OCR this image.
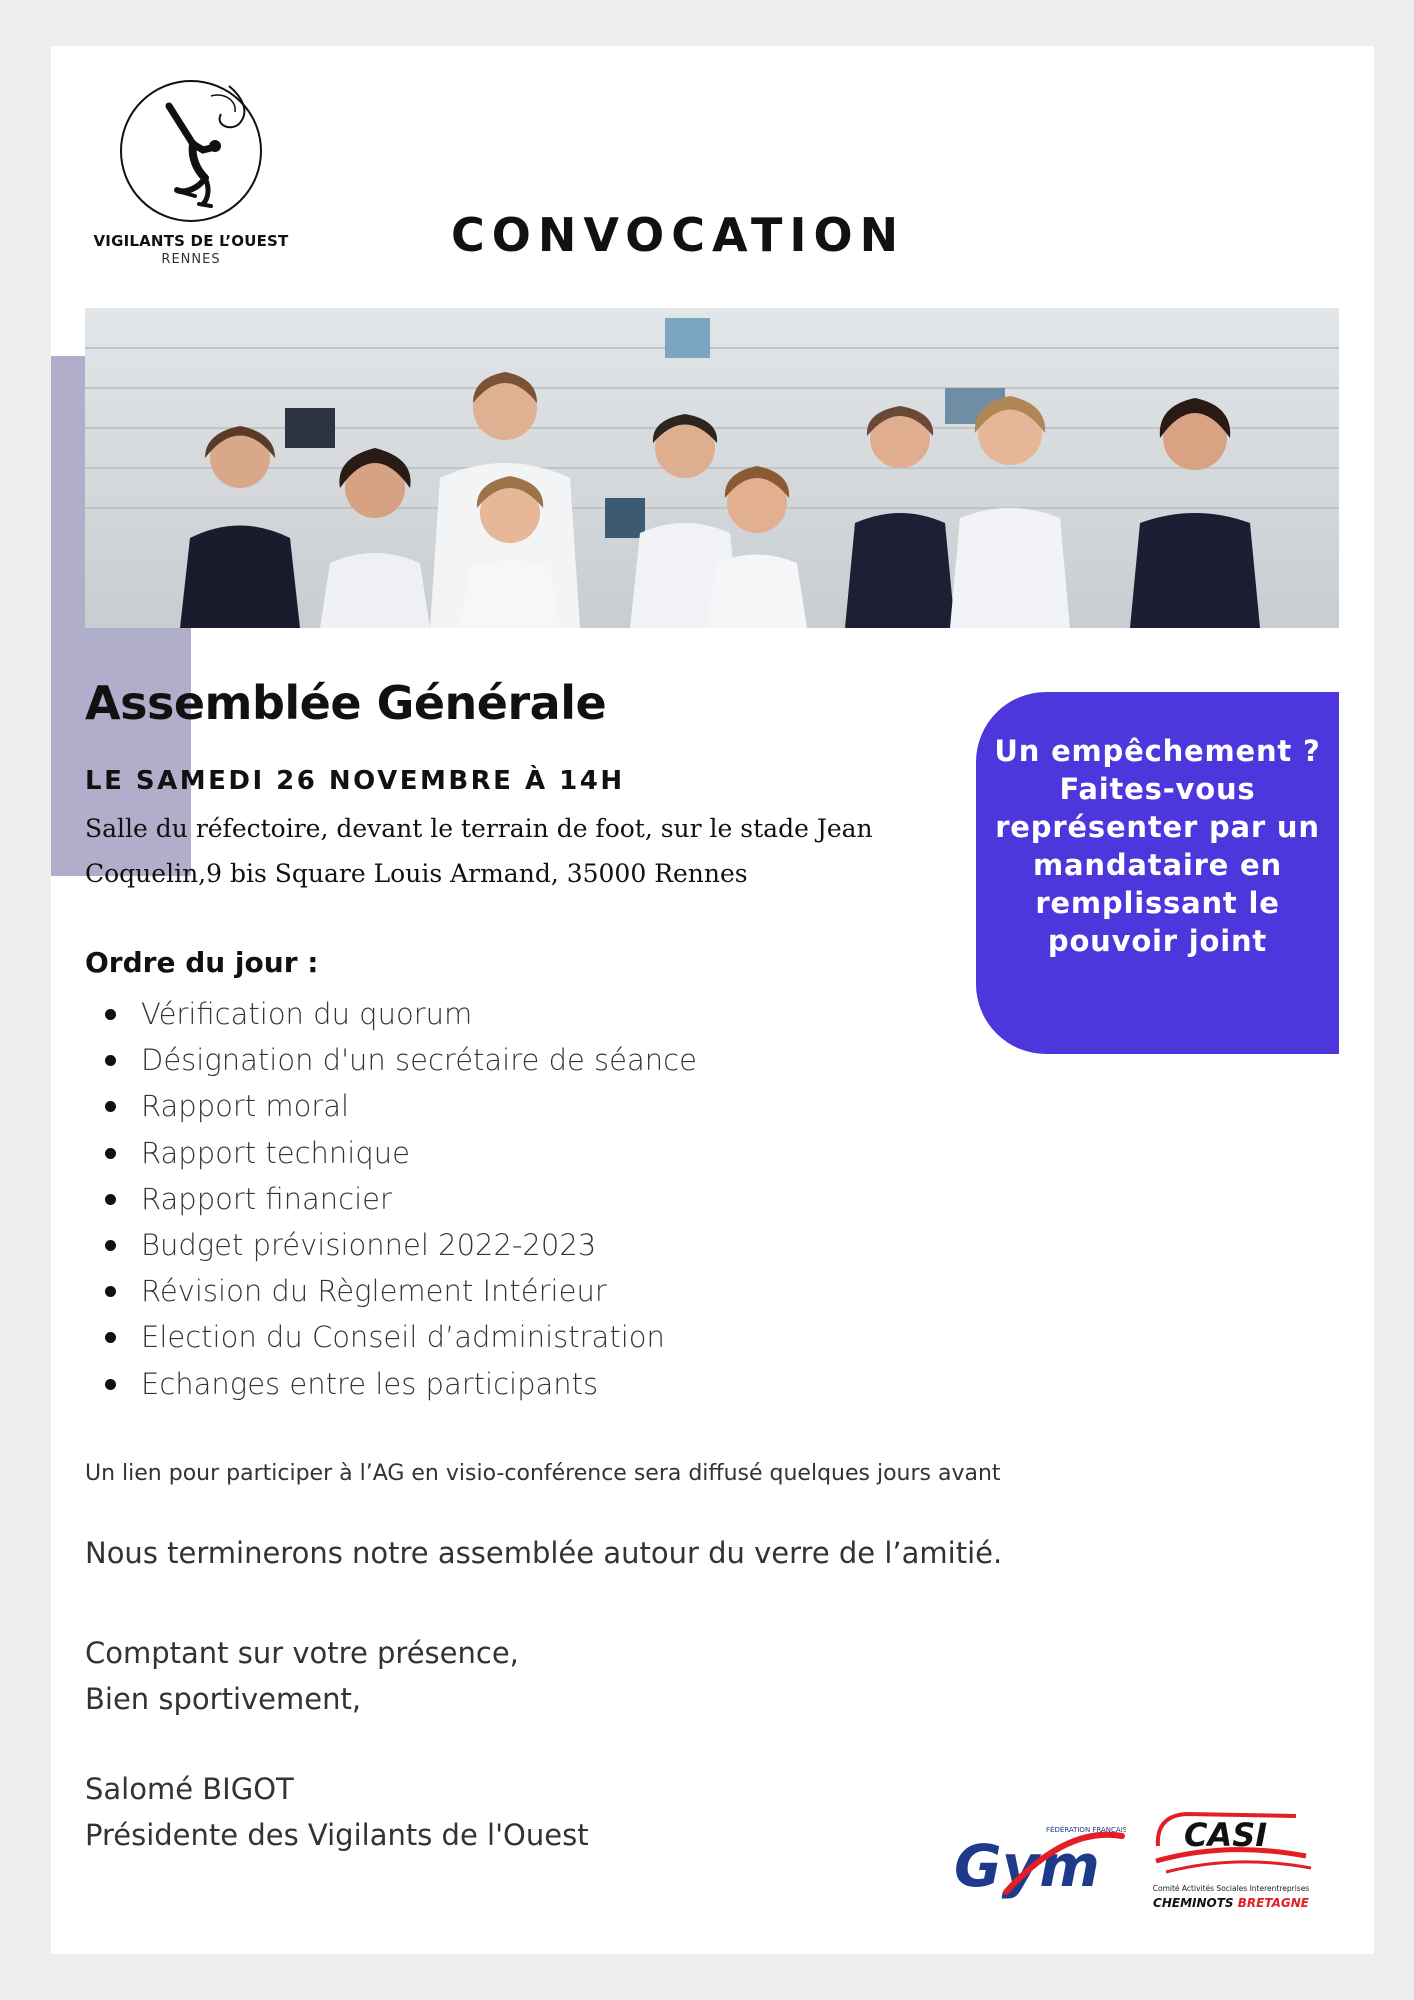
VIGILANTS DE L’OUEST
RENNES	CONVOCATION
Assemblée Générale
LE SAMEDI 26 NOVEMBRE À 14H
Salle du réfectoire, devant le terrain de foot, sur le stade Jean Coquelin,9 bis Square Louis Armand, 35000 Rennes
Ordre du jour :
Vérification du quorum
Désignation d'un secrétaire de séance
Rapport moral
Rapport technique
Rapport financier
Budget prévisionnel 2022-2023
Révision du Règlement Intérieur
Election du Conseil d’administration
Echanges entre les participants
Un empêchement ? Faites-vous représenter par un mandataire en remplissant le pouvoir joint
Un lien pour participer à l’AG en visio-conférence sera diffusé quelques jours avant
Nous terminerons notre assemblée autour du verre de l’amitié.
Comptant sur votre présence,
Bien sportivement,
Salomé BIGOT
Présidente des Vigilants de l'Ouest	FÉDÉRATION FRANÇAISE
Gym	CASI
Comité Activités Sociales Interentreprises
CHEMINOTS BRETAGNE
